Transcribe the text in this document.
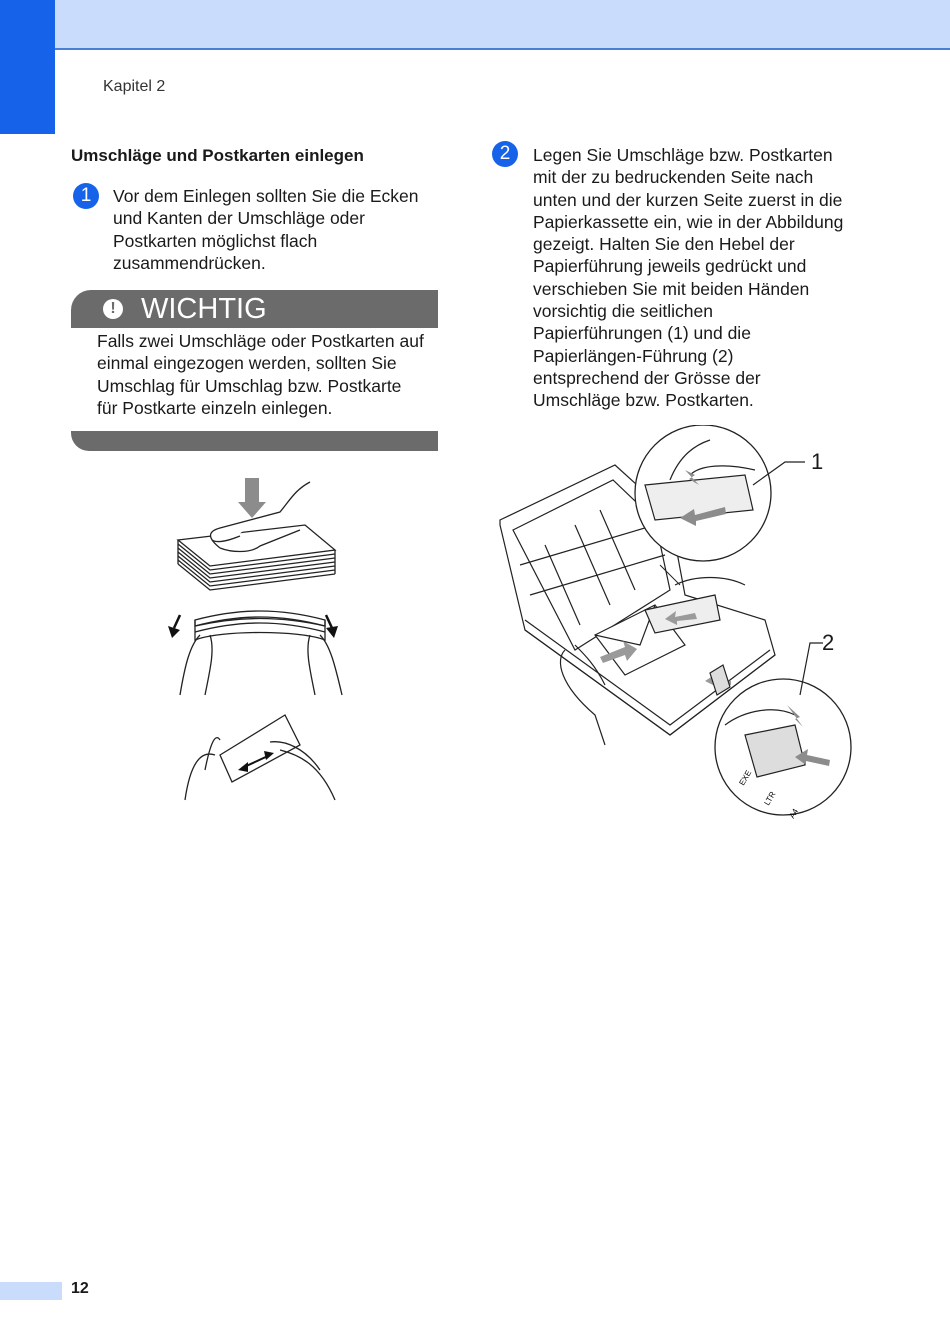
Kapitel 2
Umschläge und Postkarten einlegen
1	Vor dem Einlegen sollten Sie die Ecken

und Kanten der Umschläge oder

Postkarten möglichst flach

zusammendrücken.

! WICHTIG

Falls zwei Umschläge oder Postkarten auf

einmal eingezogen werden, sollten Sie

Umschlag für Umschlag bzw. Postkarte

für Postkarte einzeln einlegen.

2	Legen Sie Umschläge bzw. Postkarten

mit der zu bedruckenden Seite nach

unten und der kurzen Seite zuerst in die

Papierkassette ein, wie in der Abbildung

gezeigt. Halten Sie den Hebel der

Papierführung jeweils gedrückt und

verschieben Sie mit beiden Händen

vorsichtig die seitlichen

Papierführungen (1) und die

Papierlängen-Führung (2)

entsprechend der Grösse der

Umschläge bzw. Postkarten.

EXE
LTR
A4
1
2
12
